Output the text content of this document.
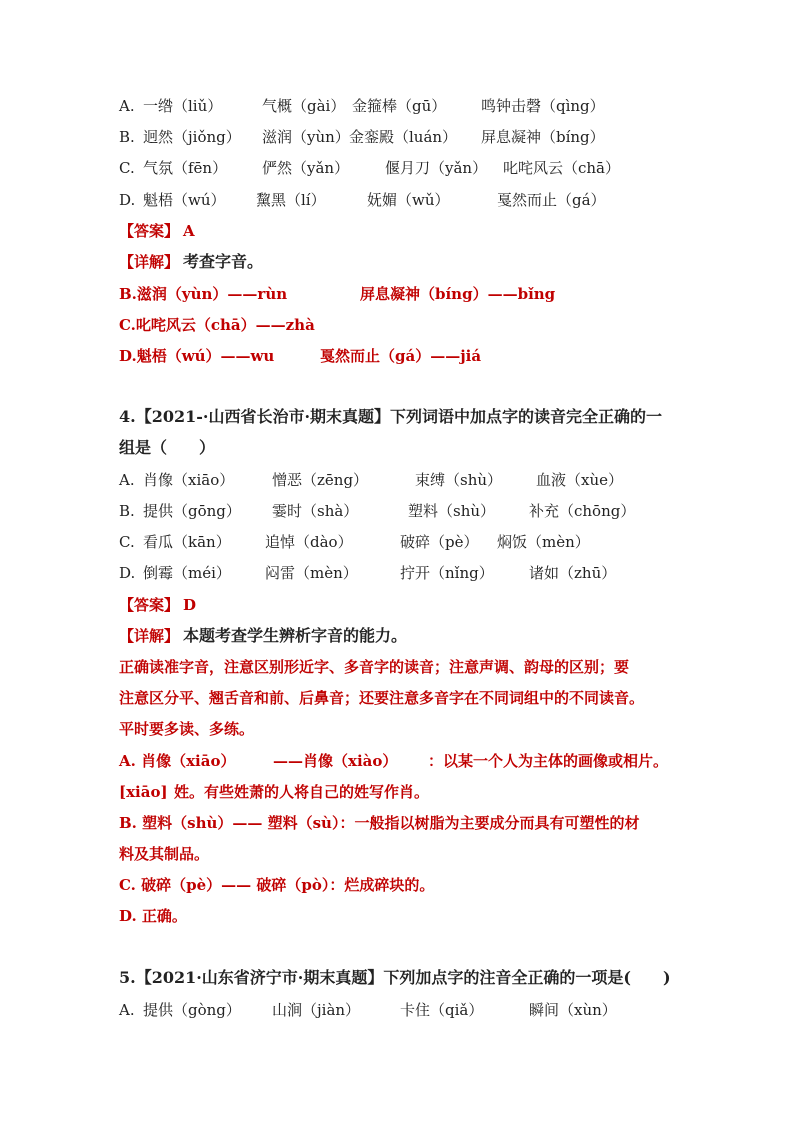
A. 一绺（liǔ）	气概（gài） 金箍棒（gū） 鸣钟击磬（qìng）
B. 迥然（jiǒng） 滋润（yùn） 金銮殿（luán） 屏息凝神（bíng）
C. 气氛（fēn） 俨然（yǎn） 偃月刀（yǎn） 叱咤风云（chā）
D. 魁梧（wú） 黧黑（lí）	妩媚（wǔ）	戛然而止（gá）
【答案】 A
【详解】 考查字音。
B.滋润（yùn）——rùn	屏息凝神（bíng）——bǐng
C.叱咤风云（chā）——zhà
D.魁梧（wú）——wu	戛然而止（gá）——jiá
4.【2021-·山西省长治市·期末真题】下列词语中加点字的读音完全正确的一
组是（　　）
A. 肖像（xiāo）	憎恶（zēng）	束缚（shù） 血液（xùe）
B. 提供（gōng） 霎时（shà）	塑料（shù） 补充（chōng）
C. 看瓜（kān） 追悼（dào）	破碎（pè） 焖饭（mèn）
D. 倒霉（méi） 闷雷（mèn）	拧开（nǐng） 诸如（zhū）
【答案】 D
【详解】 本题考查学生辨析字音的能力。
正确读准字音，注意区别形近字、多音字的读音；注意声调、韵母的区别；要
注意区分平、翘舌音和前、后鼻音；还要注意多音字在不同词组中的不同读音。
平时要多读、多练。
A. 肖像（xiāo）	——肖像（xiào） ：以某一个人为主体的画像或相片。
[xiāo] 姓。有些姓萧的人将自己的姓写作肖。
B. 塑料（shù）—— 塑料（sù）：一般指以树脂为主要成分而具有可塑性的材
料及其制品。
C. 破碎（pè）—— 破碎（pò）：烂成碎块的。
D. 正确。
5.【2021·山东省济宁市·期末真题】下列加点字的注音全正确的一项是(　　)
A. 提供（gòng） 山涧（jiàn）	卡住（qiǎ）	瞬间（xùn）
